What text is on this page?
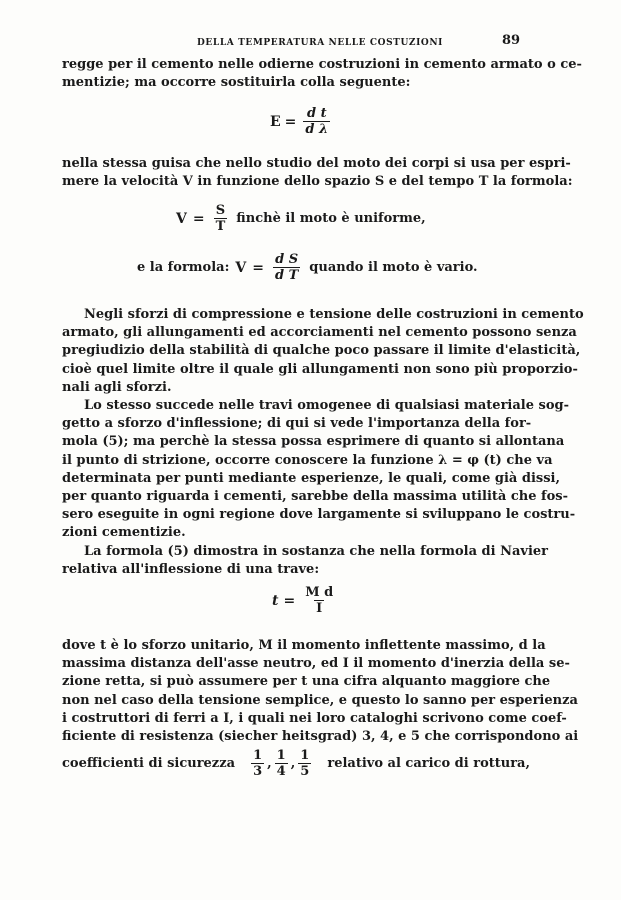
DELLA TEMPERATURA NELLE COSTUZIONI	89
regge per il cemento nelle odierne costruzioni in cemento armato o ce-
mentizie; ma occorre sostituirla colla seguente:
$E = \frac{\text{d t}}{\text{d λ}}$
nella stessa guisa che nello studio del moto dei corpi si usa per espri-
mere la velocità V in funzione dello spazio S e del tempo T la formola:
$V = \frac{S}{T}$ finchè il moto è uniforme,
e la formola: $V = \frac{\text{d S}}{\text{d T}}$ quando il moto è vario.
Negli sforzi di compressione e tensione delle costruzioni in cemento
armato, gli allungamenti ed accorciamenti nel cemento possono senza
pregiudizio della stabilità di qualche poco passare il limite d'elasticità,
cioè quel limite oltre il quale gli allungamenti non sono più proporzio-
nali agli sforzi.
Lo stesso succede nelle travi omogenee di qualsiasi materiale sog-
getto a sforzo d'inflessione; di qui si vede l'importanza della for-
mola (5); ma perchè la stessa possa esprimere di quanto si allontana
il punto di strizione, occorre conoscere la funzione λ = φ (t) che va
determinata per punti mediante esperienze, le quali, come già dissi,
per quanto riguarda i cementi, sarebbe della massima utilità che fos-
sero eseguite in ogni regione dove largamente si sviluppano le costru-
zioni cementizie.
La formola (5) dimostra in sostanza che nella formola di Navier
relativa all'inflessione di una trave:
$t = \frac{\text{M d}}{I}$
dove t è lo sforzo unitario, M il momento inflettente massimo, d la
massima distanza dell'asse neutro, ed I il momento d'inerzia della se-
zione retta, si può assumere per t una cifra alquanto maggiore che
non nel caso della tensione semplice, e questo lo sanno per esperienza
i costruttori di ferri a I, i quali nei loro cataloghi scrivono come coef-
ficiente di resistenza (siecher heitsgrad) 3, 4, e 5 che corrispondono ai
coefficienti di sicurezza $\frac{1}{3}$ , $\frac{1}{4}$ , $\frac{1}{5}$ relativo al carico di rottura,
